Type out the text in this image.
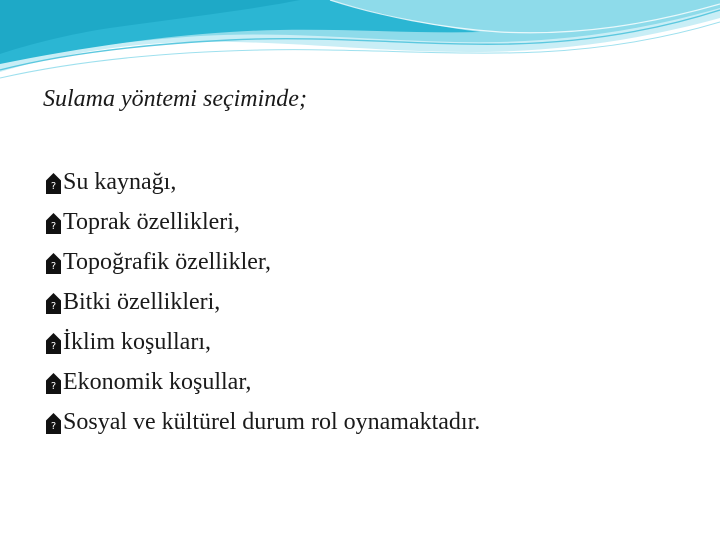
Sulama yöntemi seçiminde;
? Su kaynağı,
? Toprak özellikleri,
? Topoğrafik özellikler,
? Bitki özellikleri,
? İklim koşulları,
? Ekonomik koşullar,
? Sosyal ve kültürel durum rol oynamaktadır.
